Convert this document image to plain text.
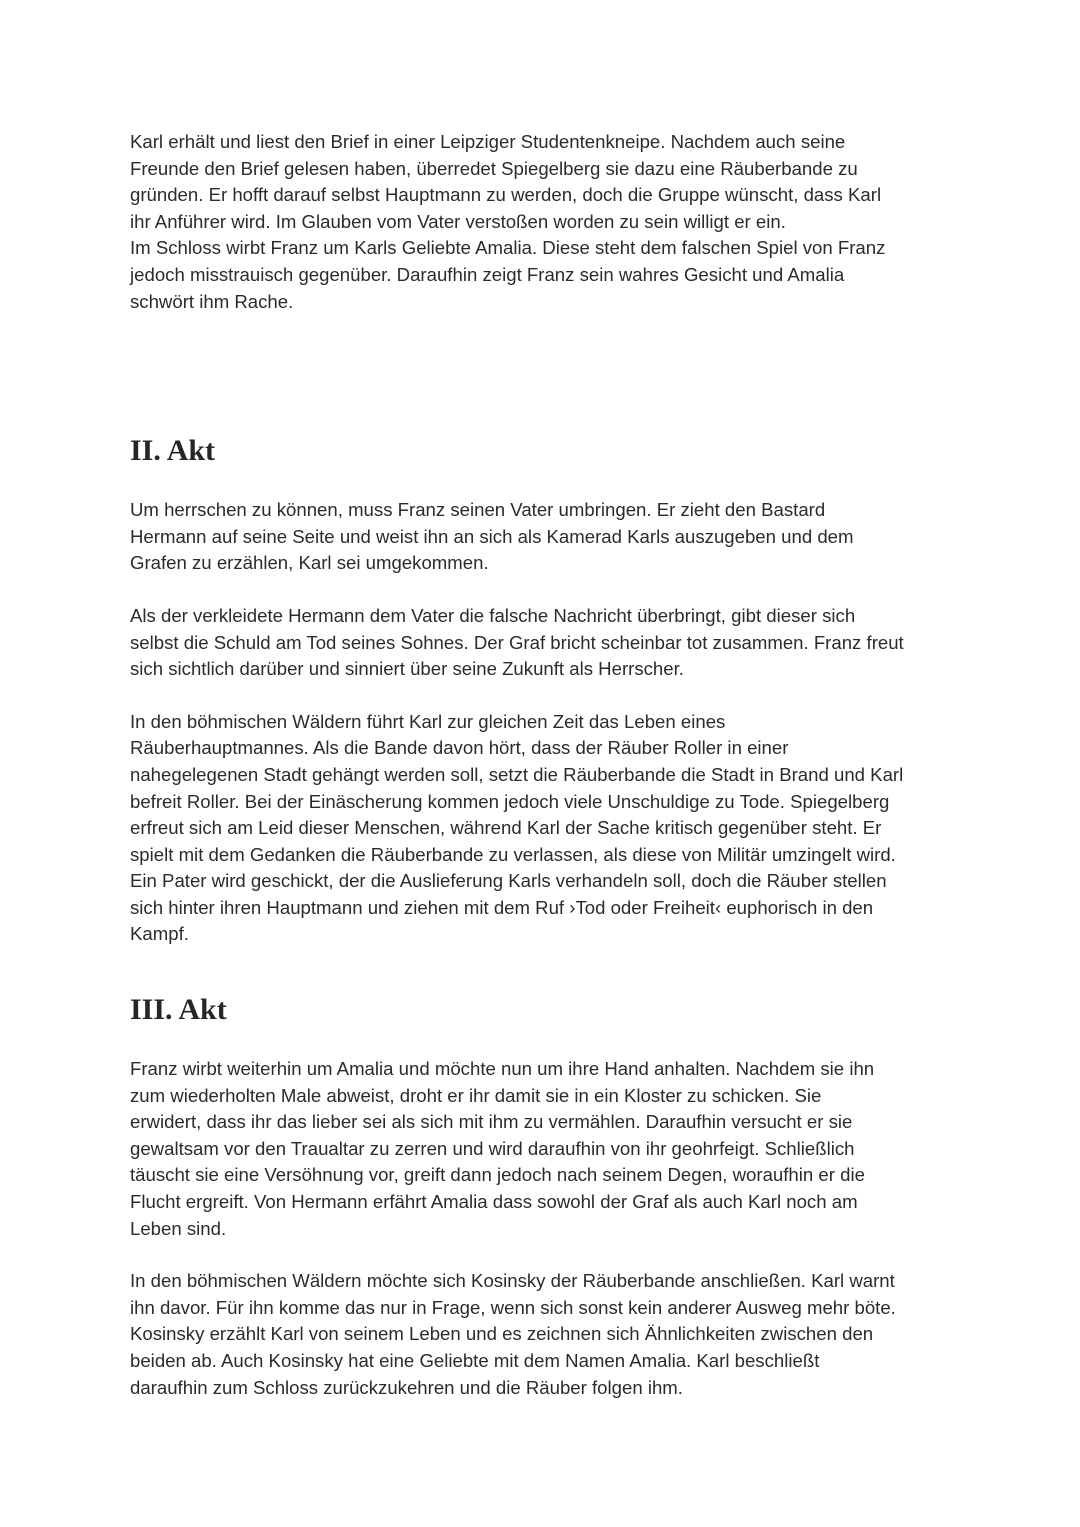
Karl erhält und liest den Brief in einer Leipziger Studentenkneipe. Nachdem auch seine
Freunde den Brief gelesen haben, überredet Spiegelberg sie dazu eine Räuberbande zu
gründen. Er hofft darauf selbst Hauptmann zu werden, doch die Gruppe wünscht, dass Karl
ihr Anführer wird. Im Glauben vom Vater verstoßen worden zu sein willigt er ein.
Im Schloss wirbt Franz um Karls Geliebte Amalia. Diese steht dem falschen Spiel von Franz
jedoch misstrauisch gegenüber. Daraufhin zeigt Franz sein wahres Gesicht und Amalia
schwört ihm Rache.

II. Akt

Um herrschen zu können, muss Franz seinen Vater umbringen. Er zieht den Bastard
Hermann auf seine Seite und weist ihn an sich als Kamerad Karls auszugeben und dem
Grafen zu erzählen, Karl sei umgekommen.

Als der verkleidete Hermann dem Vater die falsche Nachricht überbringt, gibt dieser sich
selbst die Schuld am Tod seines Sohnes. Der Graf bricht scheinbar tot zusammen. Franz freut
sich sichtlich darüber und sinniert über seine Zukunft als Herrscher.

In den böhmischen Wäldern führt Karl zur gleichen Zeit das Leben eines
Räuberhauptmannes. Als die Bande davon hört, dass der Räuber Roller in einer
nahegelegenen Stadt gehängt werden soll, setzt die Räuberbande die Stadt in Brand und Karl
befreit Roller. Bei der Einäscherung kommen jedoch viele Unschuldige zu Tode. Spiegelberg
erfreut sich am Leid dieser Menschen, während Karl der Sache kritisch gegenüber steht. Er
spielt mit dem Gedanken die Räuberbande zu verlassen, als diese von Militär umzingelt wird.
Ein Pater wird geschickt, der die Auslieferung Karls verhandeln soll, doch die Räuber stellen
sich hinter ihren Hauptmann und ziehen mit dem Ruf ›Tod oder Freiheit‹ euphorisch in den
Kampf.

III. Akt

Franz wirbt weiterhin um Amalia und möchte nun um ihre Hand anhalten. Nachdem sie ihn
zum wiederholten Male abweist, droht er ihr damit sie in ein Kloster zu schicken. Sie
erwidert, dass ihr das lieber sei als sich mit ihm zu vermählen. Daraufhin versucht er sie
gewaltsam vor den Traualtar zu zerren und wird daraufhin von ihr geohrfeigt. Schließlich
täuscht sie eine Versöhnung vor, greift dann jedoch nach seinem Degen, woraufhin er die
Flucht ergreift. Von Hermann erfährt Amalia dass sowohl der Graf als auch Karl noch am
Leben sind.

In den böhmischen Wäldern möchte sich Kosinsky der Räuberbande anschließen. Karl warnt
ihn davor. Für ihn komme das nur in Frage, wenn sich sonst kein anderer Ausweg mehr böte.
Kosinsky erzählt Karl von seinem Leben und es zeichnen sich Ähnlichkeiten zwischen den
beiden ab. Auch Kosinsky hat eine Geliebte mit dem Namen Amalia. Karl beschließt
daraufhin zum Schloss zurückzukehren und die Räuber folgen ihm.
